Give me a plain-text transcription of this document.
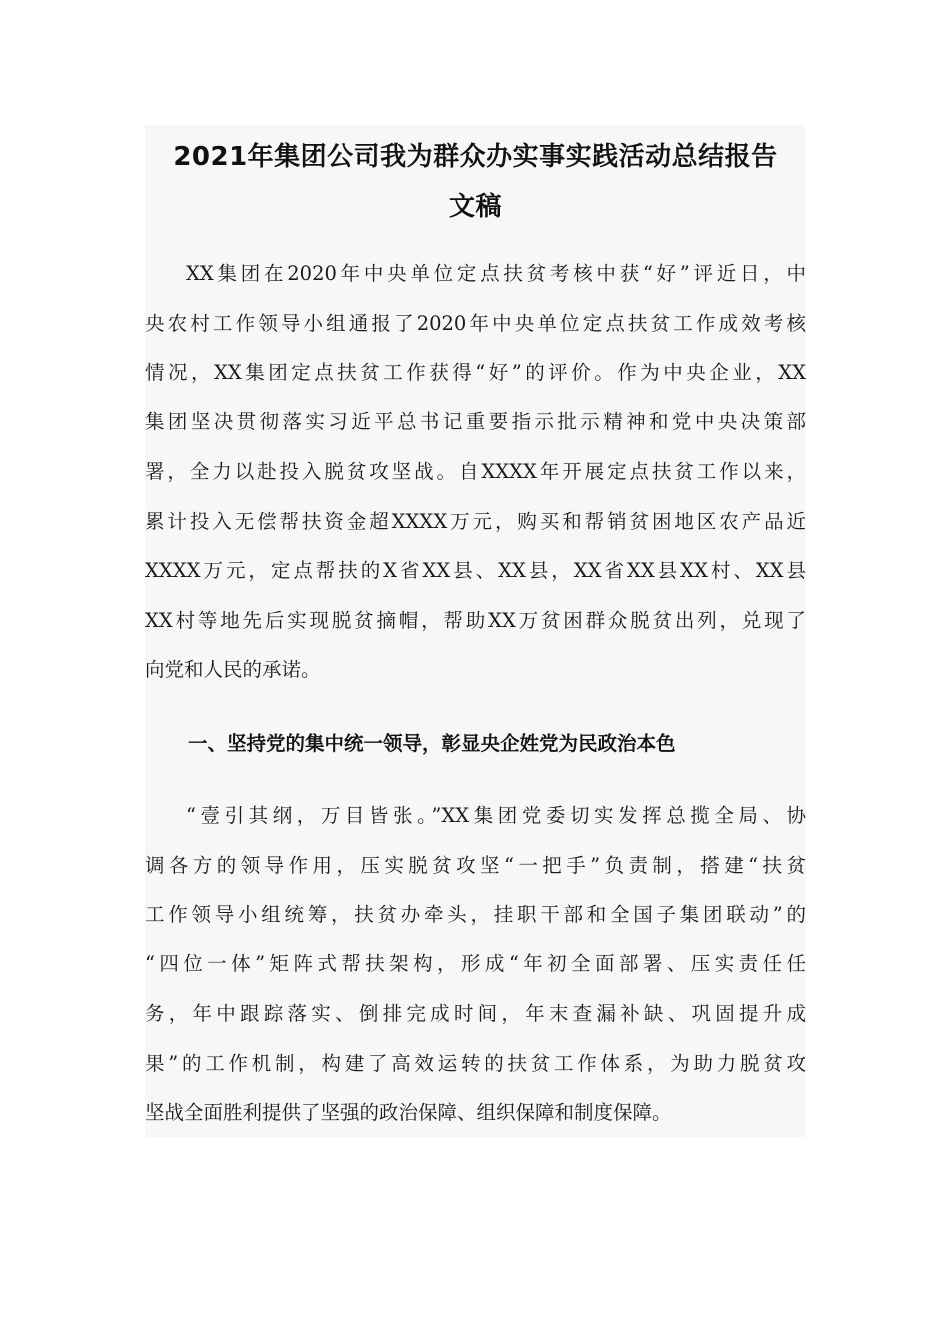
2021年集团公司我为群众办实事实践活动总结报告
文稿
XX集团在2020年中央单位定点扶贫考核中获“好”评近日，中
央农村工作领导小组通报了2020年中央单位定点扶贫工作成效考核
情况，XX集团定点扶贫工作获得“好”的评价。作为中央企业，XX
集团坚决贯彻落实习近平总书记重要指示批示精神和党中央决策部
署，全力以赴投入脱贫攻坚战。自XXXX年开展定点扶贫工作以来，
累计投入无偿帮扶资金超XXXX万元，购买和帮销贫困地区农产品近
XXXX万元，定点帮扶的X省XX县、XX县，XX省XX县XX村、XX县
XX村等地先后实现脱贫摘帽，帮助XX万贫困群众脱贫出列，兑现了
向党和人民的承诺。
一、坚持党的集中统一领导，彰显央企姓党为民政治本色
“壹引其纲，万目皆张。”XX集团党委切实发挥总揽全局、协
调各方的领导作用，压实脱贫攻坚“一把手”负责制，搭建“扶贫
工作领导小组统筹，扶贫办牵头，挂职干部和全国子集团联动”的
“四位一体”矩阵式帮扶架构，形成“年初全面部署、压实责任任
务，年中跟踪落实、倒排完成时间，年末查漏补缺、巩固提升成
果”的工作机制，构建了高效运转的扶贫工作体系，为助力脱贫攻
坚战全面胜利提供了坚强的政治保障、组织保障和制度保障。
